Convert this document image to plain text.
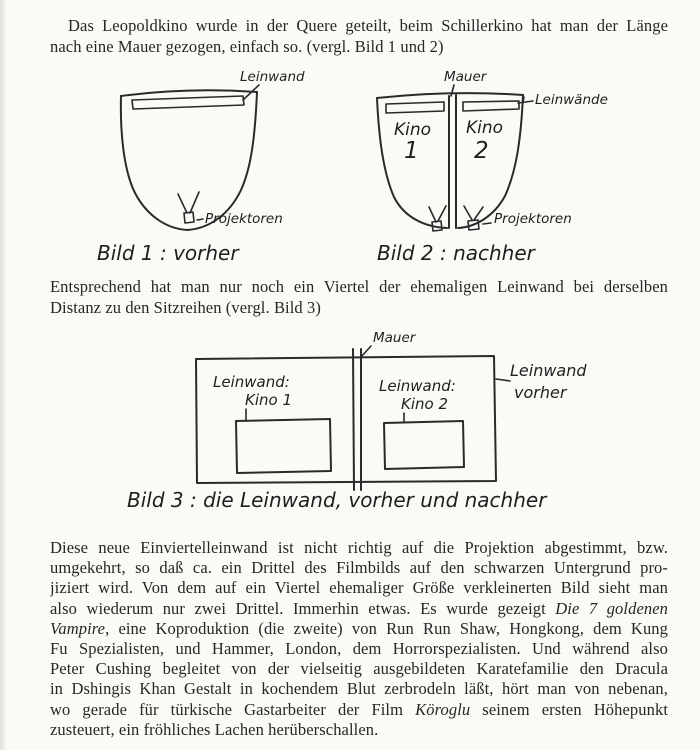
Das Leopoldkino wurde in der Quere geteilt, beim Schillerkino hat man der Länge
nach eine Mauer gezogen, einfach so. (vergl. Bild 1 und 2)
Entsprechend hat man nur noch ein Viertel der ehemaligen Leinwand bei derselben
Distanz zu den Sitzreihen (vergl. Bild 3)
Diese neue Einviertelleinwand ist nicht richtig auf die Projektion abgestimmt, bzw.
umgekehrt, so daß ca. ein Drittel des Filmbilds auf den schwarzen Untergrund pro-
jiziert wird. Von dem auf ein Viertel ehemaliger Größe verkleinerten Bild sieht man
also wiederum nur zwei Drittel. Immerhin etwas. Es wurde gezeigt Die 7 goldenen
Vampire, eine Koproduktion (die zweite) von Run Run Shaw, Hongkong, dem Kung
Fu Spezialisten, und Hammer, London, dem Horrorspezialisten. Und während also
Peter Cushing begleitet von der vielseitig ausgebildeten Karatefamilie den Dracula
in Dshingis Khan Gestalt in kochendem Blut zerbrodeln läßt, hört man von nebenan,
wo gerade für türkische Gastarbeiter der Film Köroglu seinem ersten Höhepunkt
zusteuert, ein fröhliches Lachen herüberschallen.
Leinwand
Projektoren
Bild 1 : vorher
Mauer
Leinwände
Kino
1
Kino
2
Projektoren
Bild 2 : nachher
Mauer
Leinwand:
Kino 1
Leinwand:
Kino 2
Leinwand
vorher
Bild 3 : die Leinwand, vorher und nachher
